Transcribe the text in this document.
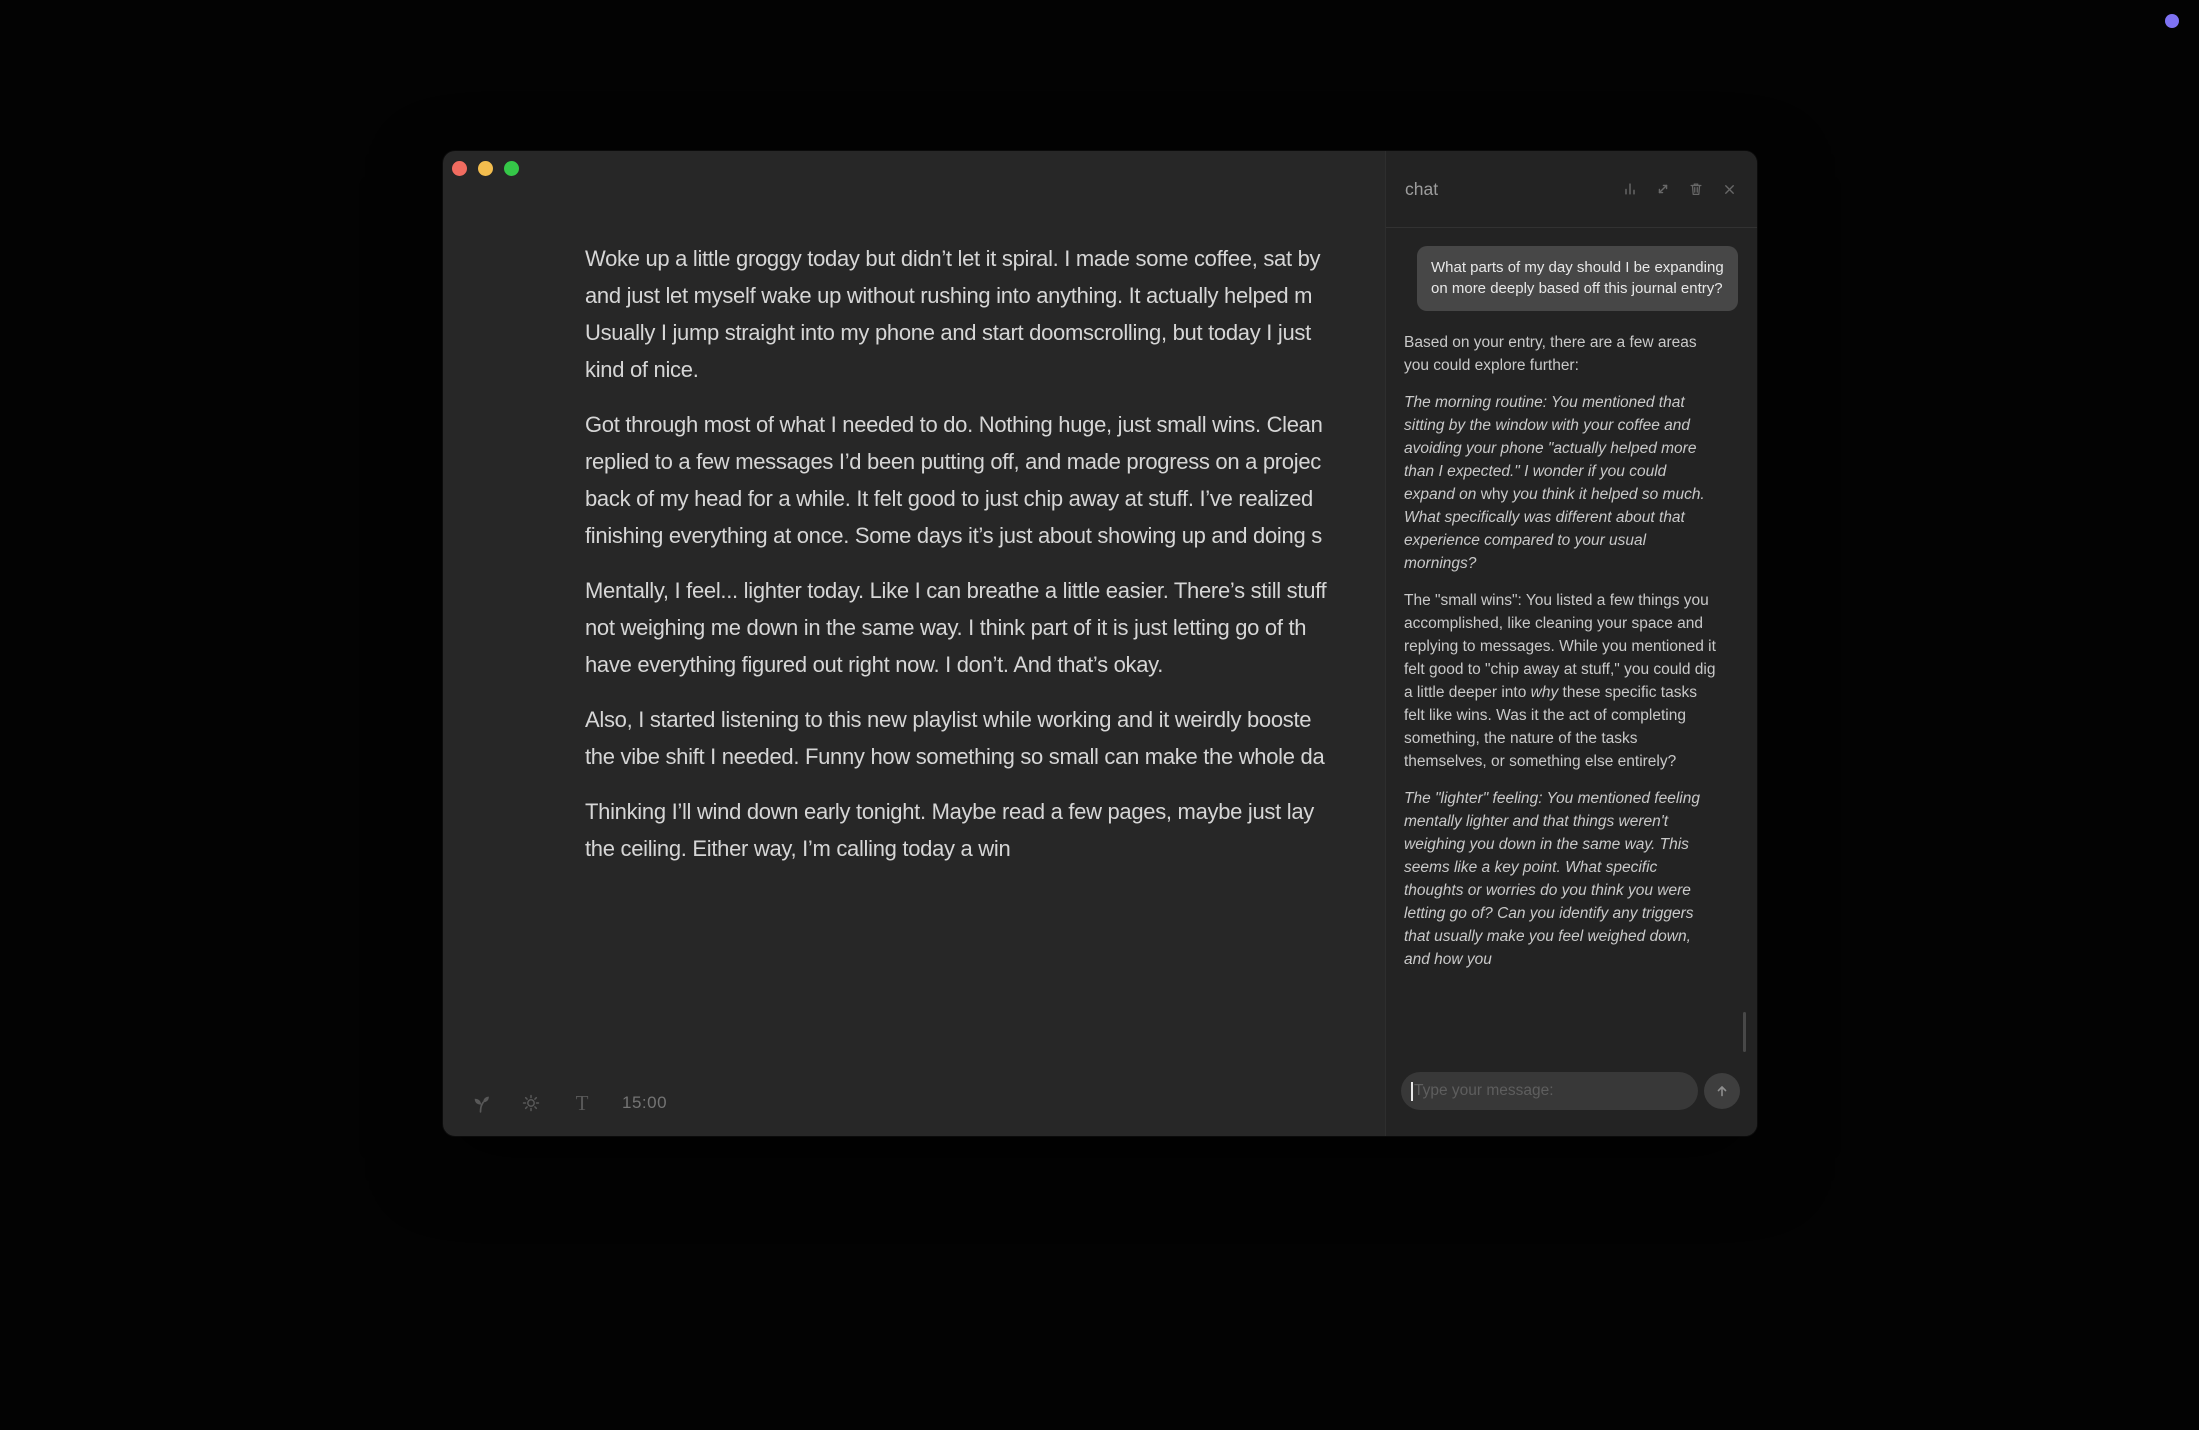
Woke up a little groggy today but didn’t let it spiral. I made some coffee, sat by
and just let myself wake up without rushing into anything. It actually helped m
Usually I jump straight into my phone and start doomscrolling, but today I just
kind of nice.
Got through most of what I needed to do. Nothing huge, just small wins. Clean
replied to a few messages I’d been putting off, and made progress on a projec
back of my head for a while. It felt good to just chip away at stuff. I’ve realized
finishing everything at once. Some days it’s just about showing up and doing s
Mentally, I feel... lighter today. Like I can breathe a little easier. There’s still stuff
not weighing me down in the same way. I think part of it is just letting go of th
have everything figured out right now. I don’t. And that’s okay.
Also, I started listening to this new playlist while working and it weirdly booste
the vibe shift I needed. Funny how something so small can make the whole da
Thinking I’ll wind down early tonight. Maybe read a few pages, maybe just lay
the ceiling. Either way, I’m calling today a win
T 15:00
chat
What parts of my day should I be expanding on more deeply based off this journal entry?

Based on your entry, there are a few areas you could explore further:

The morning routine: You mentioned that sitting by the window with your coffee and avoiding your phone "actually helped more than I expected." I wonder if you could expand on why you think it helped so much. What specifically was different about that experience compared to your usual mornings?

The "small wins": You listed a few things you accomplished, like cleaning your space and replying to messages. While you mentioned it felt good to "chip away at stuff," you could dig a little deeper into why these specific tasks felt like wins. Was it the act of completing something, the nature of the tasks themselves, or something else entirely?

The "lighter" feeling: You mentioned feeling mentally lighter and that things weren't weighing you down in the same way. This seems like a key point. What specific thoughts or worries do you think you were letting go of? Can you identify any triggers that usually make you feel weighed down, and how you

Type your message:
